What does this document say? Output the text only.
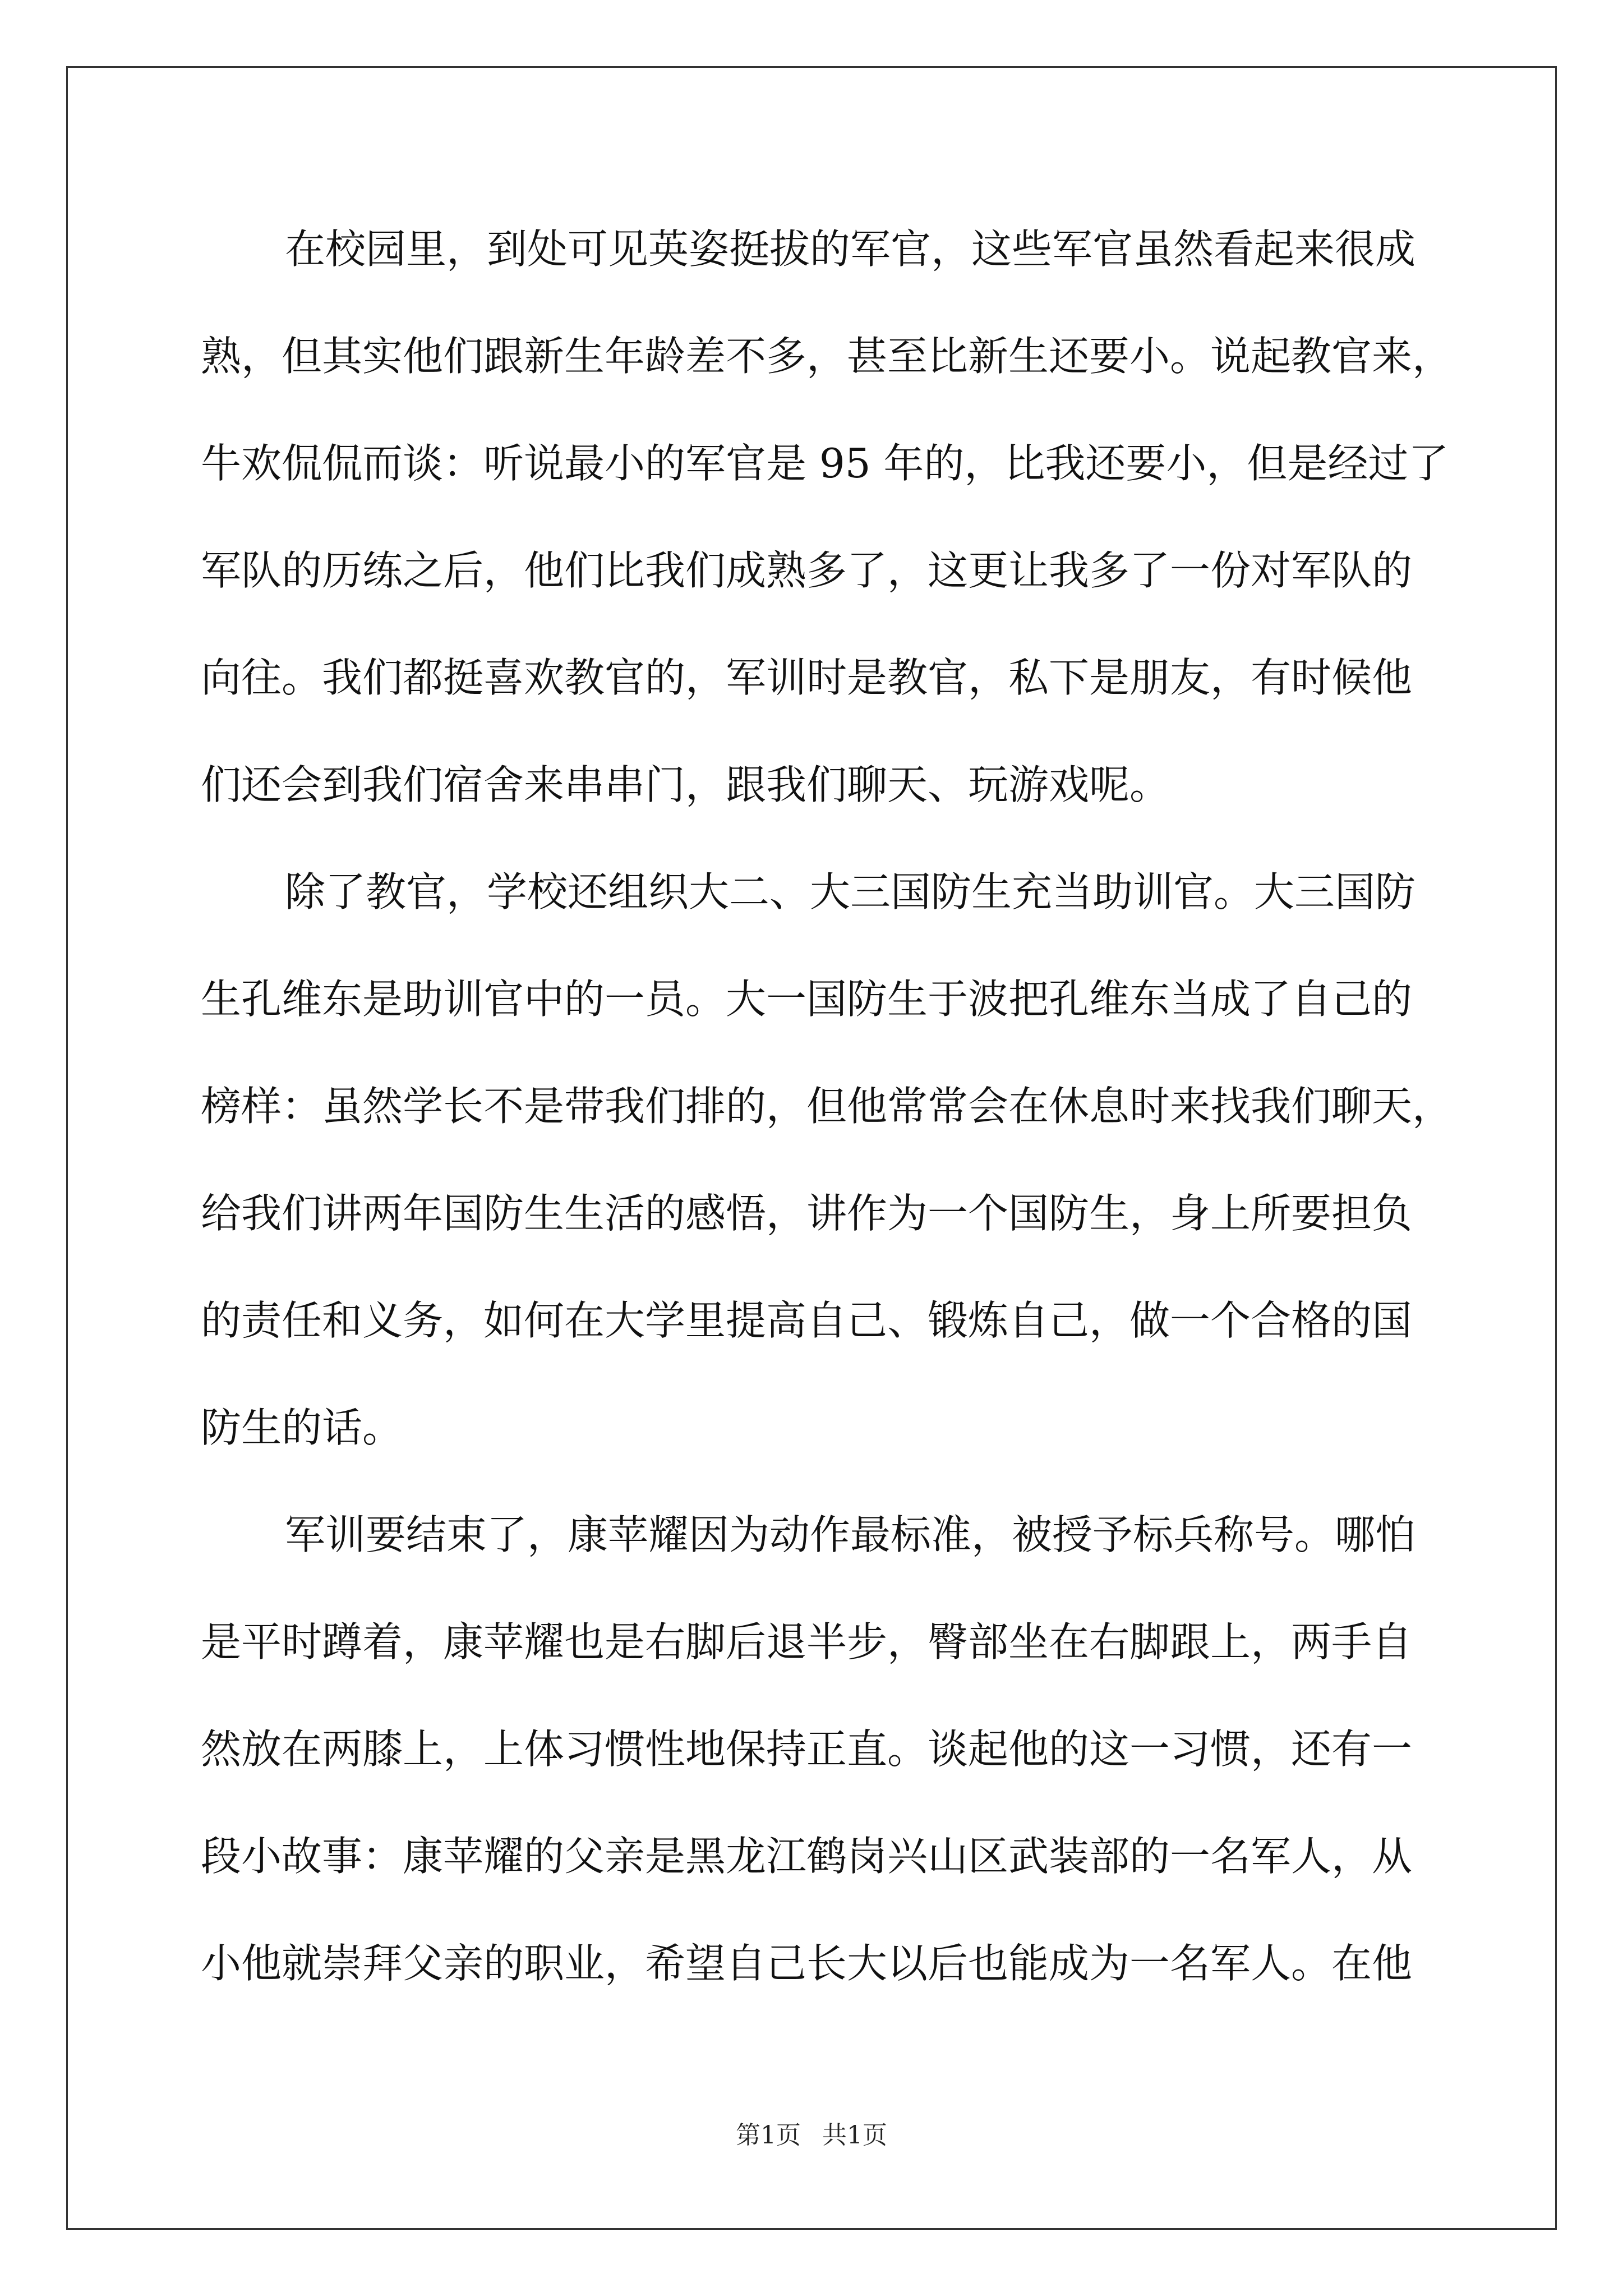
在校园里，到处可见英姿挺拔的军官，这些军官虽然看起来很成
熟，但其实他们跟新生年龄差不多，甚至比新生还要小。说起教官来，
牛欢侃侃而谈：听说最小的军官是 95 年的，比我还要小，但是经过了
军队的历练之后，他们比我们成熟多了，这更让我多了一份对军队的
向往。我们都挺喜欢教官的，军训时是教官，私下是朋友，有时候他
们还会到我们宿舍来串串门，跟我们聊天、玩游戏呢。
除了教官，学校还组织大二、大三国防生充当助训官。大三国防
生孔维东是助训官中的一员。大一国防生于波把孔维东当成了自己的
榜样：虽然学长不是带我们排的，但他常常会在休息时来找我们聊天，
给我们讲两年国防生生活的感悟，讲作为一个国防生，身上所要担负
的责任和义务，如何在大学里提高自己、锻炼自己，做一个合格的国
防生的话。
军训要结束了，康苹耀因为动作最标准，被授予标兵称号。哪怕
是平时蹲着，康苹耀也是右脚后退半步，臀部坐在右脚跟上，两手自
然放在两膝上，上体习惯性地保持正直。谈起他的这一习惯，还有一
段小故事：康苹耀的父亲是黑龙江鹤岗兴山区武装部的一名军人，从
小他就崇拜父亲的职业，希望自己长大以后也能成为一名军人。在他
第1页 共1页
